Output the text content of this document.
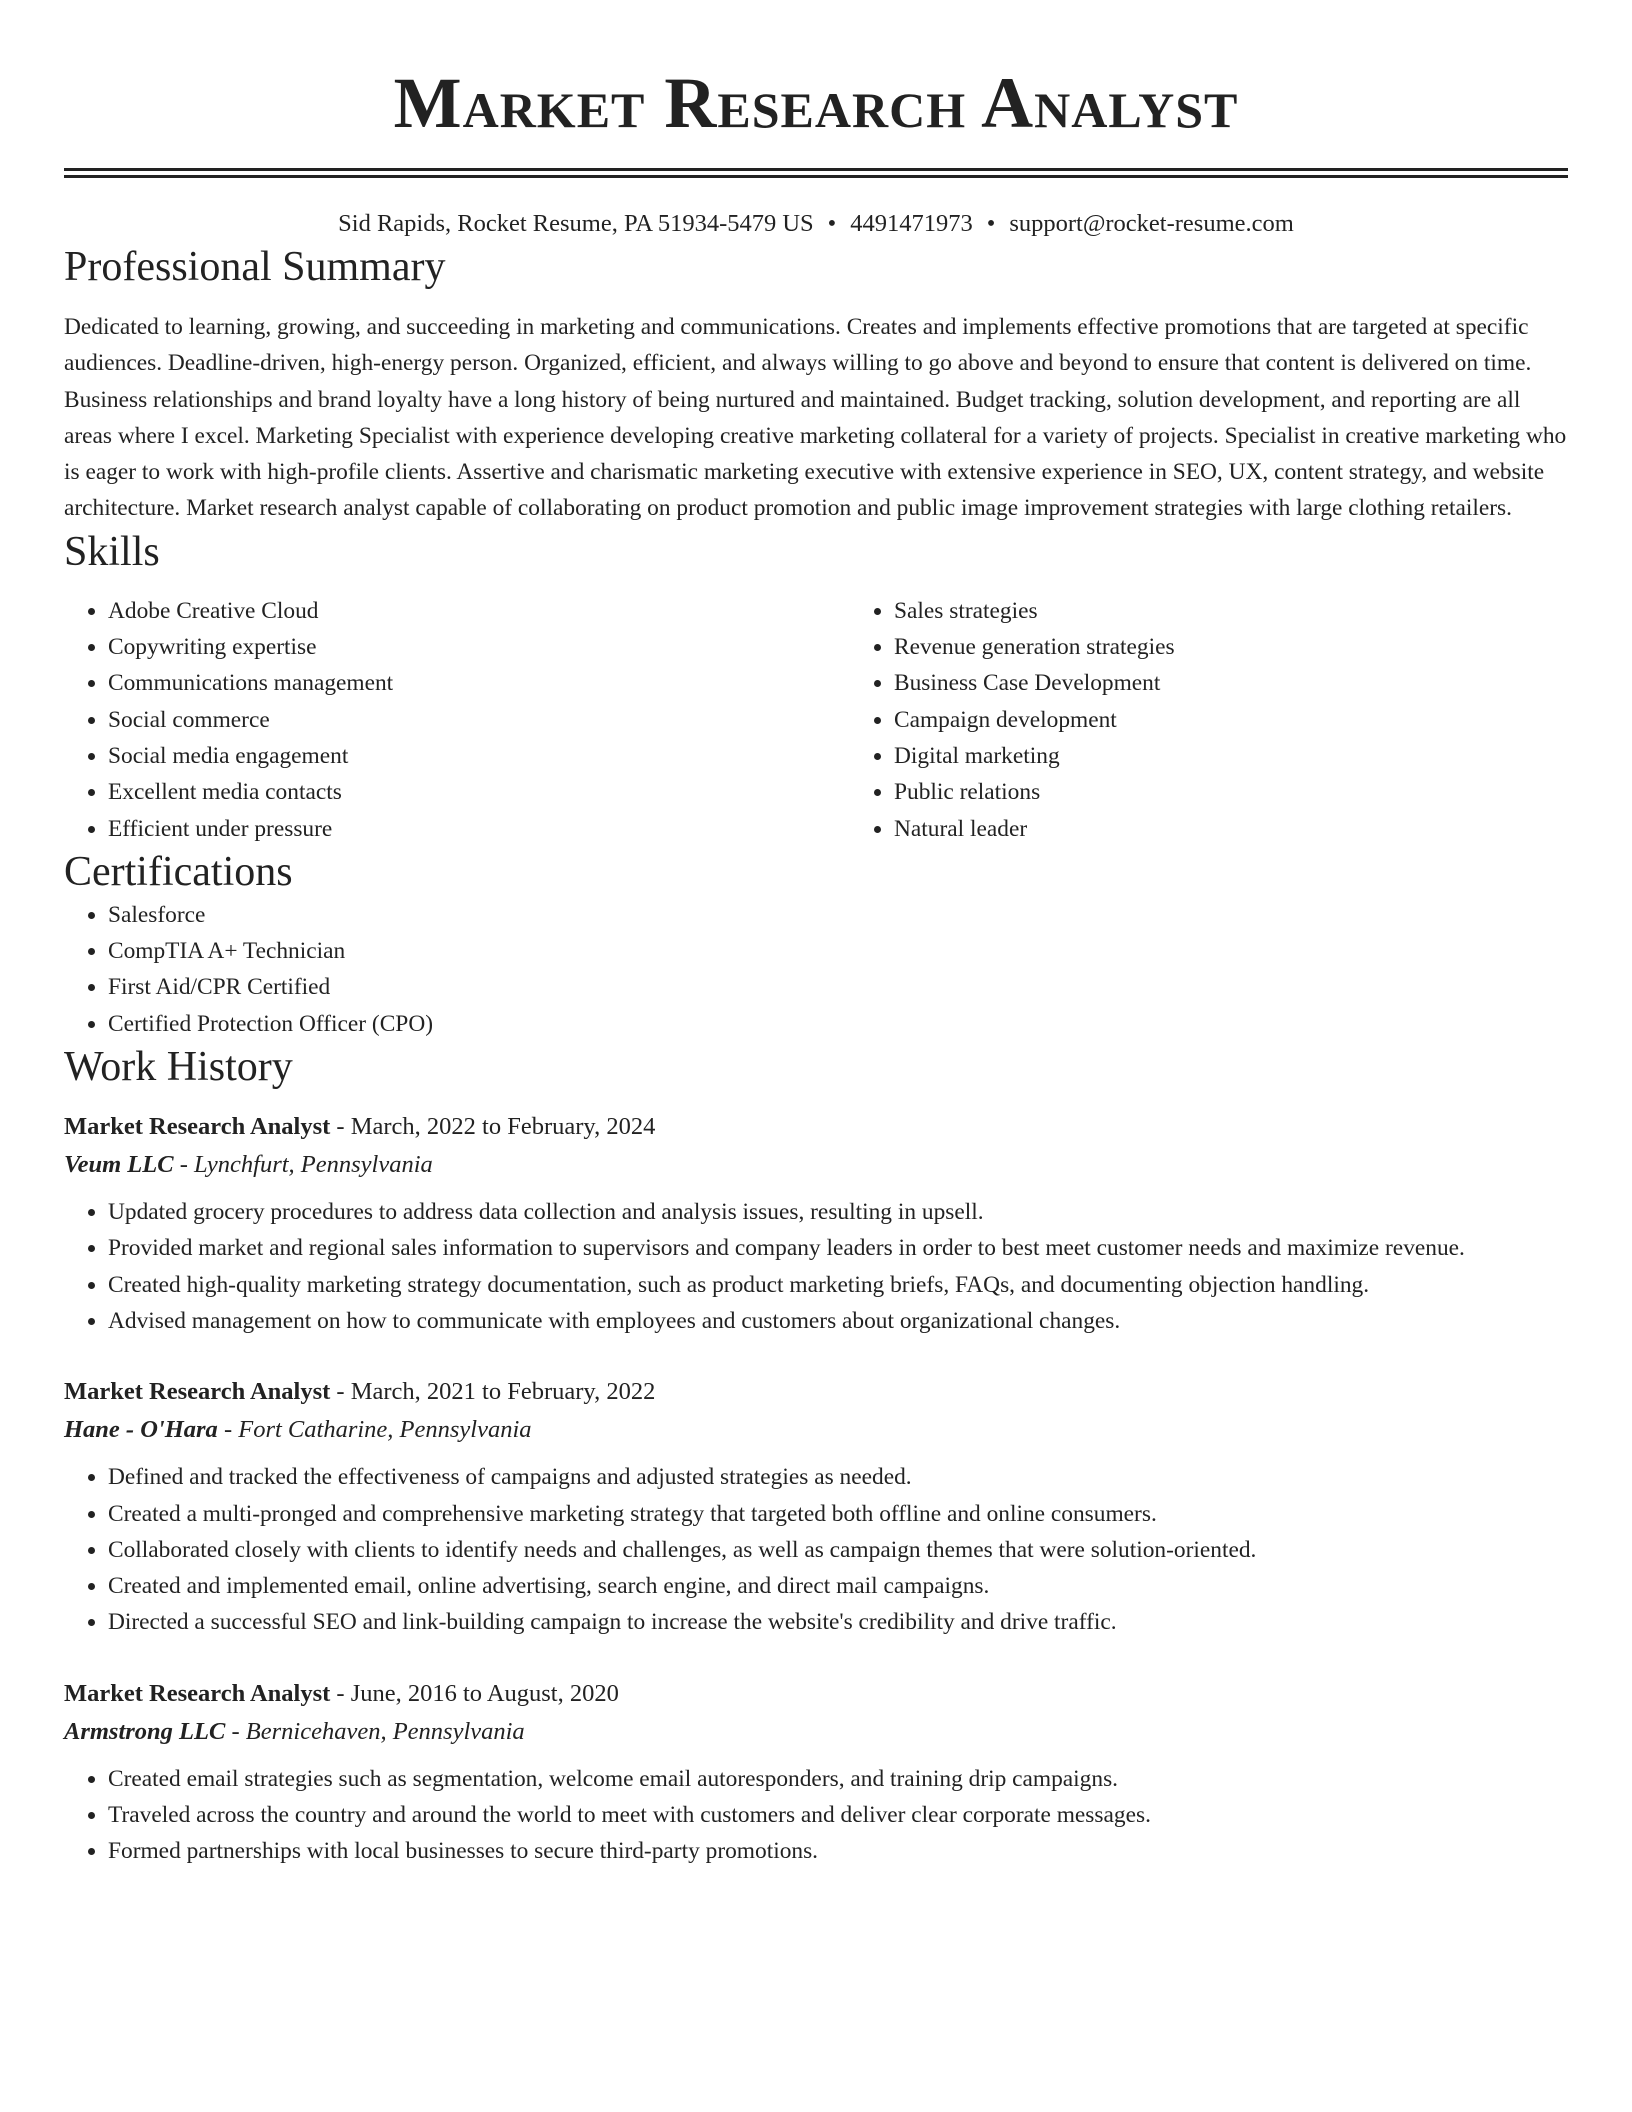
Market Research Analyst
Sid Rapids, Rocket Resume, PA 51934-5479 US • 4491471973 • support@rocket-resume.com
Professional Summary

Dedicated to learning, growing, and succeeding in marketing and communications. Creates and implements effective promotions that are targeted at specific audiences. Deadline-driven, high-energy person. Organized, efficient, and always willing to go above and beyond to ensure that content is delivered on time. Business relationships and brand loyalty have a long history of being nurtured and maintained. Budget tracking, solution development, and reporting are all areas where I excel. Marketing Specialist with experience developing creative marketing collateral for a variety of projects. Specialist in creative marketing who is eager to work with high-profile clients. Assertive and charismatic marketing executive with extensive experience in SEO, UX, content strategy, and website architecture. Market research analyst capable of collaborating on product promotion and public image improvement strategies with large clothing retailers.

Skills
• Adobe Creative Cloud
• Copywriting expertise
• Communications management
• Social commerce
• Social media engagement
• Excellent media contacts
• Efficient under pressure
• Sales strategies
• Revenue generation strategies
• Business Case Development
• Campaign development
• Digital marketing
• Public relations
• Natural leader
Certifications
• Salesforce
• CompTIA A+ Technician
• First Aid/CPR Certified
• Certified Protection Officer (CPO)
Work History
Market Research Analyst - March, 2022 to February, 2024
Veum LLC - Lynchfurt, Pennsylvania
• Updated grocery procedures to address data collection and analysis issues, resulting in upsell.
• Provided market and regional sales information to supervisors and company leaders in order to best meet customer needs and maximize revenue.
• Created high-quality marketing strategy documentation, such as product marketing briefs, FAQs, and documenting objection handling.
• Advised management on how to communicate with employees and customers about organizational changes.
Market Research Analyst - March, 2021 to February, 2022
Hane - O'Hara - Fort Catharine, Pennsylvania
• Defined and tracked the effectiveness of campaigns and adjusted strategies as needed.
• Created a multi-pronged and comprehensive marketing strategy that targeted both offline and online consumers.
• Collaborated closely with clients to identify needs and challenges, as well as campaign themes that were solution-oriented.
• Created and implemented email, online advertising, search engine, and direct mail campaigns.
• Directed a successful SEO and link-building campaign to increase the website's credibility and drive traffic.
Market Research Analyst - June, 2016 to August, 2020
Armstrong LLC - Bernicehaven, Pennsylvania
• Created email strategies such as segmentation, welcome email autoresponders, and training drip campaigns.
• Traveled across the country and around the world to meet with customers and deliver clear corporate messages.
• Formed partnerships with local businesses to secure third-party promotions.
